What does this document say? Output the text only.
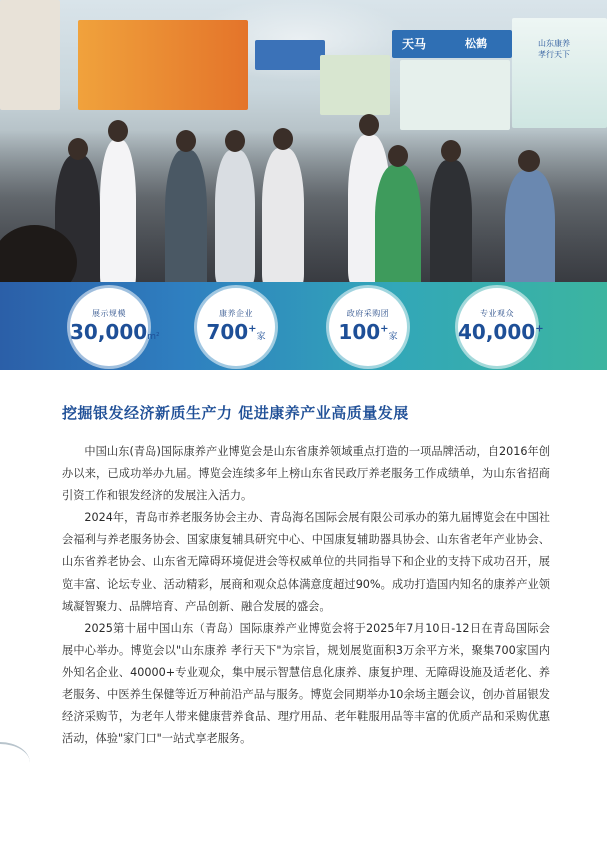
天马	松鹤	山东康养
孝行天下
展示规模
30,000m²
康养企业
700+家
政府采购团
100+家
专业观众
40,000+
挖掘银发经济新质生产力 促进康养产业高质量发展

中国山东(青岛)国际康养产业博览会是山东省康养领域重点打造的一项品牌活动，自2016年创办以来，已成功举办九届。博览会连续多年上榜山东省民政厅养老服务工作成绩单，为山东省招商引资工作和银发经济的发展注入活力。

2024年，青岛市养老服务协会主办、青岛海名国际会展有限公司承办的第九届博览会在中国社会福利与养老服务协会、国家康复辅具研究中心、中国康复辅助器具协会、山东省老年产业协会、山东省养老协会、山东省无障碍环境促进会等权威单位的共同指导下和企业的支持下成功召开，展览丰富、论坛专业、活动精彩，展商和观众总体满意度超过90%。成功打造国内知名的康养产业领域凝智聚力、品牌培育、产品创新、融合发展的盛会。

2025第十届中国山东（青岛）国际康养产业博览会将于2025年7月10日-12日在青岛国际会展中心举办。博览会以"山东康养 孝行天下"为宗旨，规划展览面积3万余平方米，聚集700家国内外知名企业、40000+专业观众，集中展示智慧信息化康养、康复护理、无障碍设施及适老化、养老服务、中医养生保健等近万种前沿产品与服务。博览会同期举办10余场主题会议，创办首届银发经济采购节，为老年人带来健康营养食品、理疗用品、老年鞋服用品等丰富的优质产品和采购优惠活动，体验"家门口"一站式享老服务。
